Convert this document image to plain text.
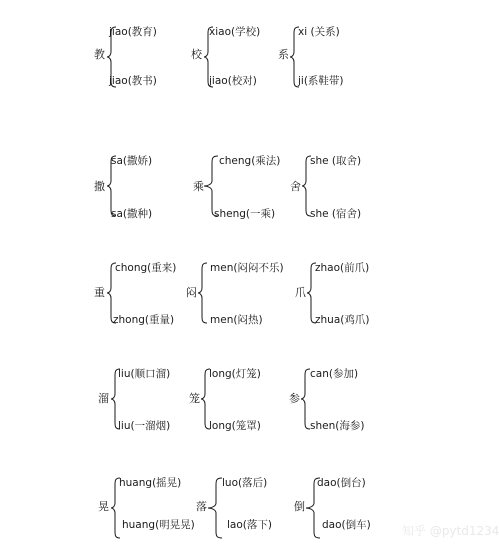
教
jiao(教育)
jiao(教书)
校
xiao(学校)
jiao(校对)
系
xi (关系)
ji(系鞋带)
撒
sa(撒娇)
sa(撒种)
乘
cheng(乘法)
sheng(一乘)
舍
she (取舍)
she (宿舍)
重
chong(重来)
zhong(重量)
闷
men(闷闷不乐)
men(闷热)
爪
zhao(前爪)
zhua(鸡爪)
溜
liu(顺口溜)
liu(一溜烟)
笼
long(灯笼)
long(笼罩)
参
can(参加)
shen(海参)
晃
huang(摇晃)
huang(明晃晃)
落
luo(落后)
lao(落下)
倒
dao(倒台)
dao(倒车)	知乎 @pytd1234
